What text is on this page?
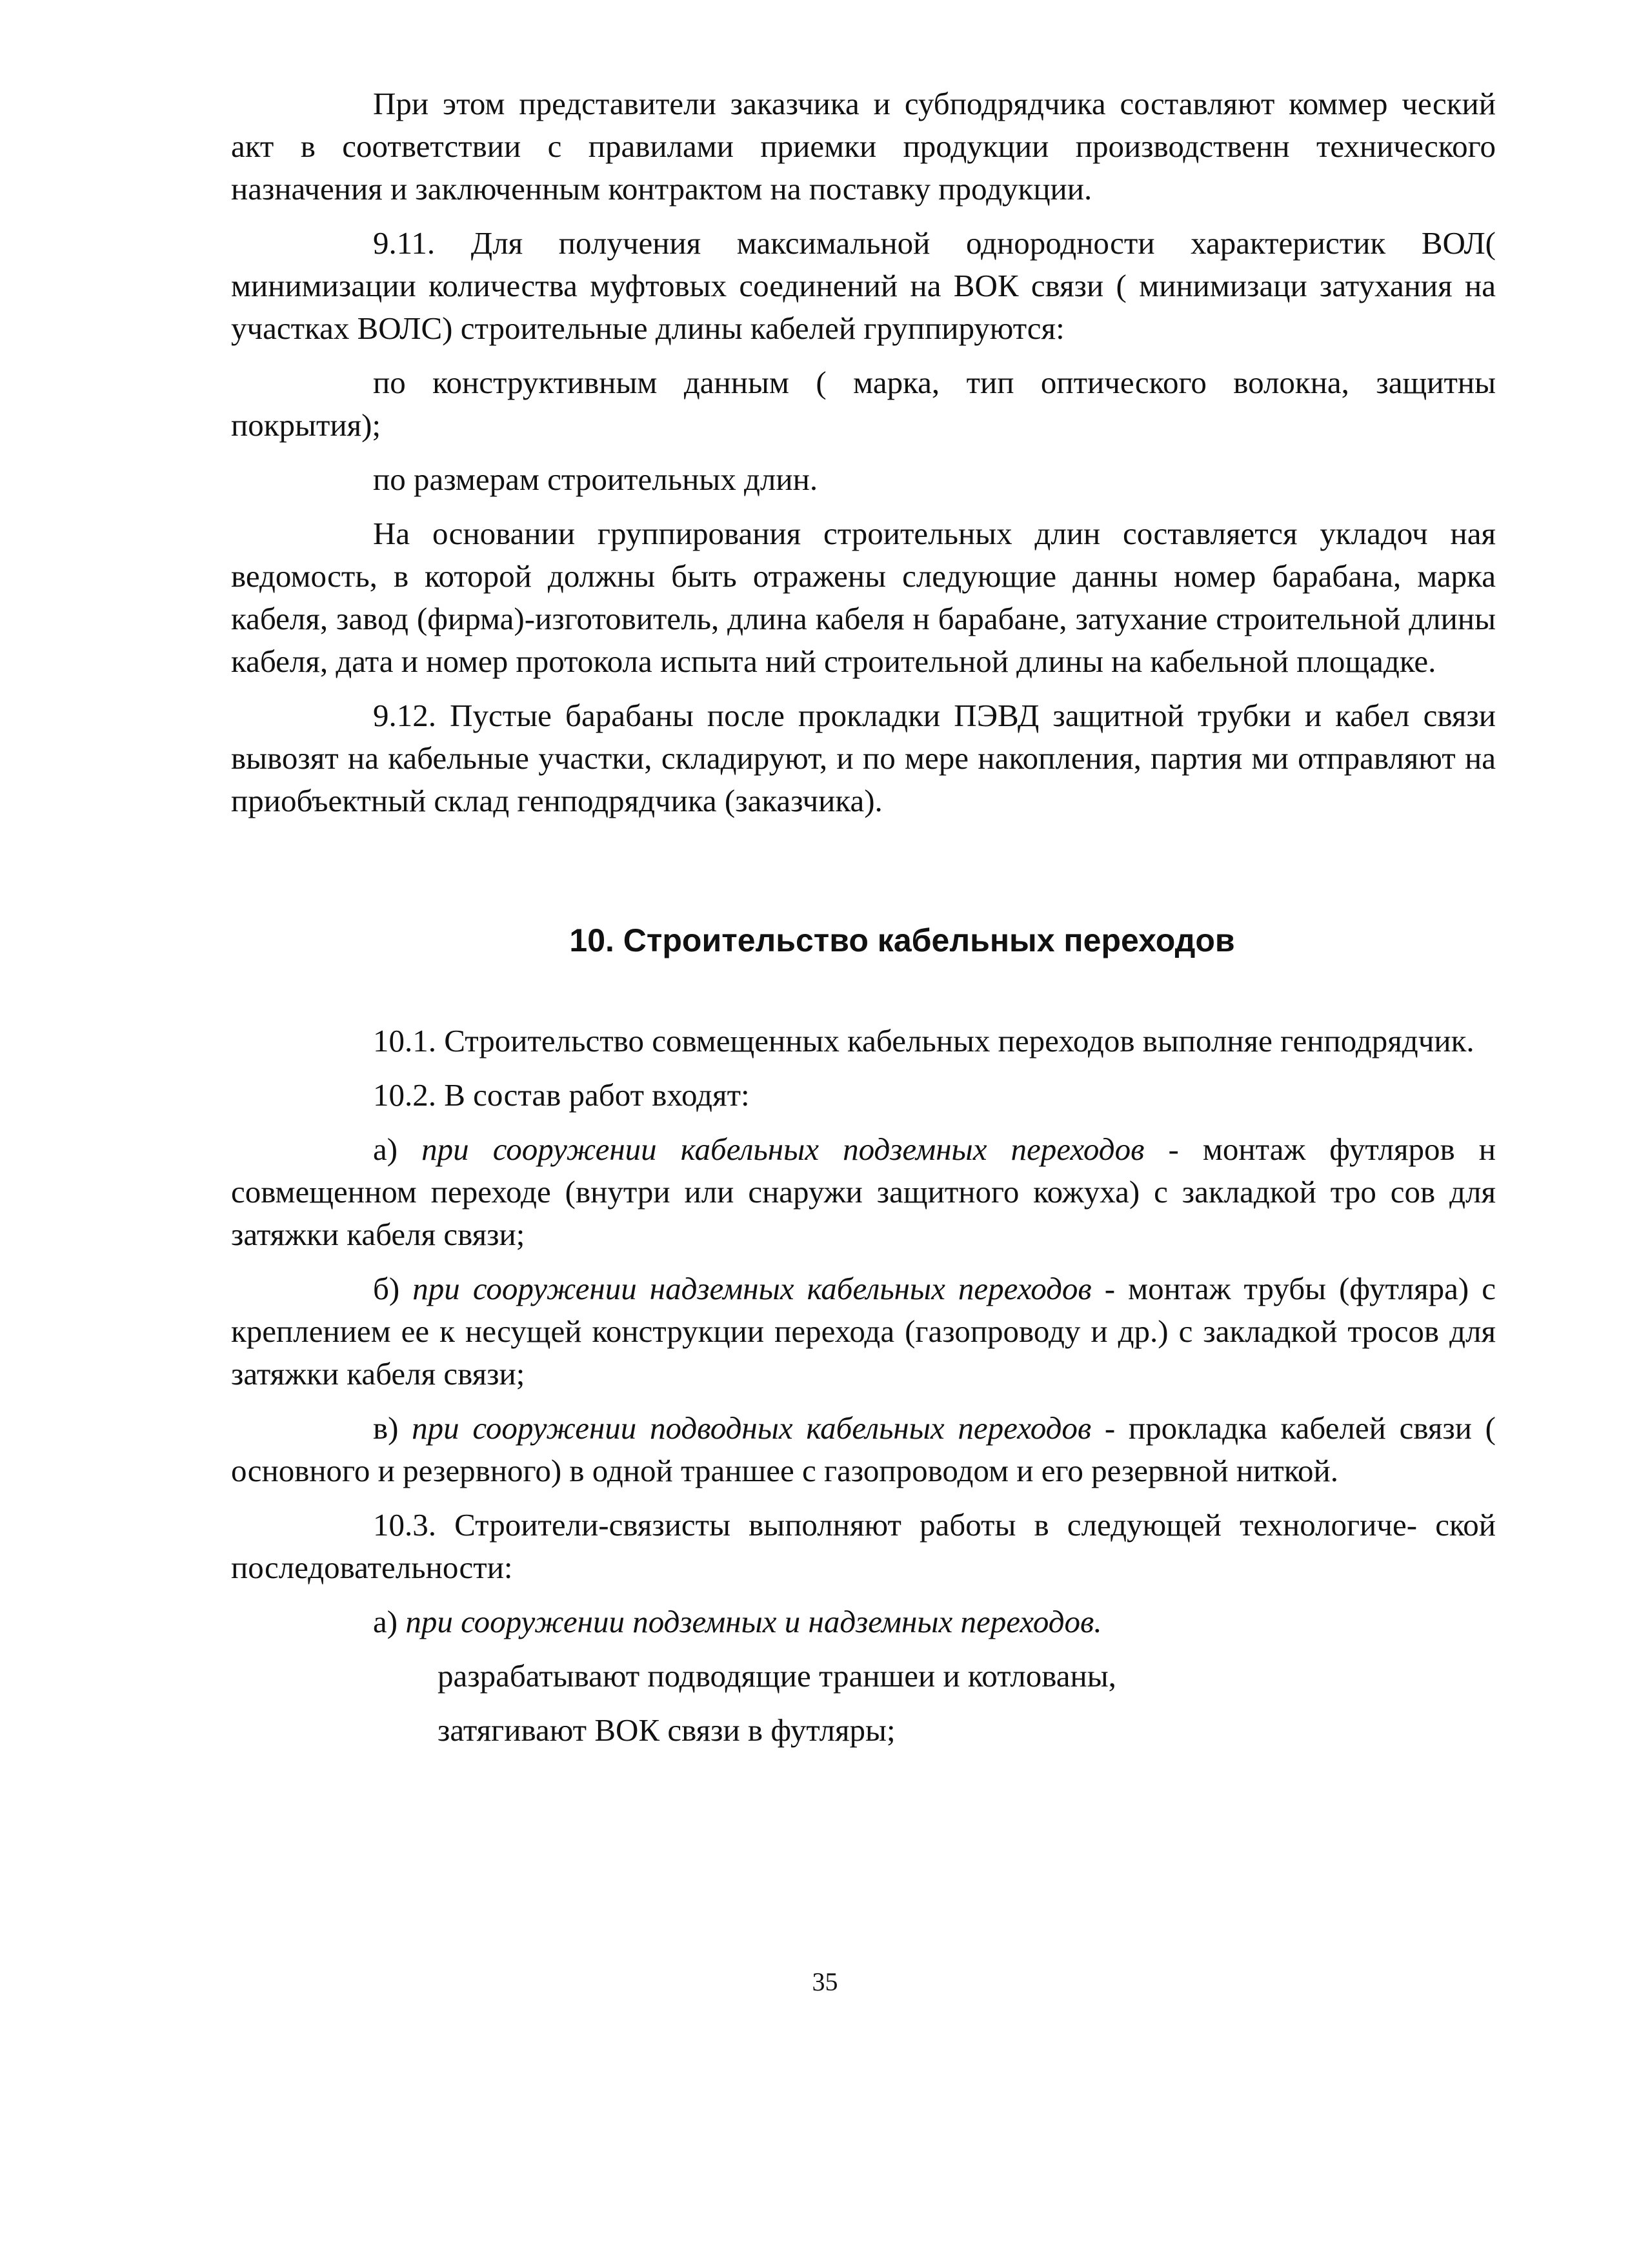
При этом представители заказчика и субподрядчика составляют коммер ческий акт в соответствии с правилами приемки продукции производственн технического назначения и заключенным контрактом на поставку продукции.

9.11. Для получения максимальной однородности характеристик ВОЛ( минимизации количества муфтовых соединений на ВОК связи ( минимизаци затухания на участках ВОЛС) строительные длины кабелей группируются:

по конструктивным данным ( марка, тип оптического волокна, защитны покрытия);

по размерам строительных длин.

На основании группирования строительных длин составляется укладоч ная ведомость, в которой должны быть отражены следующие данны номер барабана, марка кабеля, завод (фирма)-изготовитель, длина кабеля н барабане, затухание строительной длины кабеля, дата и номер протокола испыта ний строительной длины на кабельной площадке.

9.12. Пустые барабаны после прокладки ПЭВД защитной трубки и кабел связи вывозят на кабельные участки, складируют, и по мере накопления, партия ми отправляют на приобъектный склад генподрядчика (заказчика).

10. Строительство кабельных переходов

10.1. Строительство совмещенных кабельных переходов выполняе генподрядчик.

10.2. В состав работ входят:

а) при сооружении кабельных подземных переходов - монтаж футляров н совмещенном переходе (внутри или снаружи защитного кожуха) с закладкой тро сов для затяжки кабеля связи;

б) при сооружении надземных кабельных переходов - монтаж трубы (футляра) с креплением ее к несущей конструкции перехода (газопроводу и др.) с закладкой тросов для затяжки кабеля связи;

в) при сооружении подводных кабельных переходов - прокладка кабелей связи ( основного и резервного) в одной траншее с газопроводом и его резервной ниткой.

10.3. Строители-связисты выполняют работы в следующей технологиче- ской последовательности:

а) при сооружении подземных и надземных переходов.

разрабатывают подводящие траншеи и котлованы,

затягивают ВОК связи в футляры;

35
